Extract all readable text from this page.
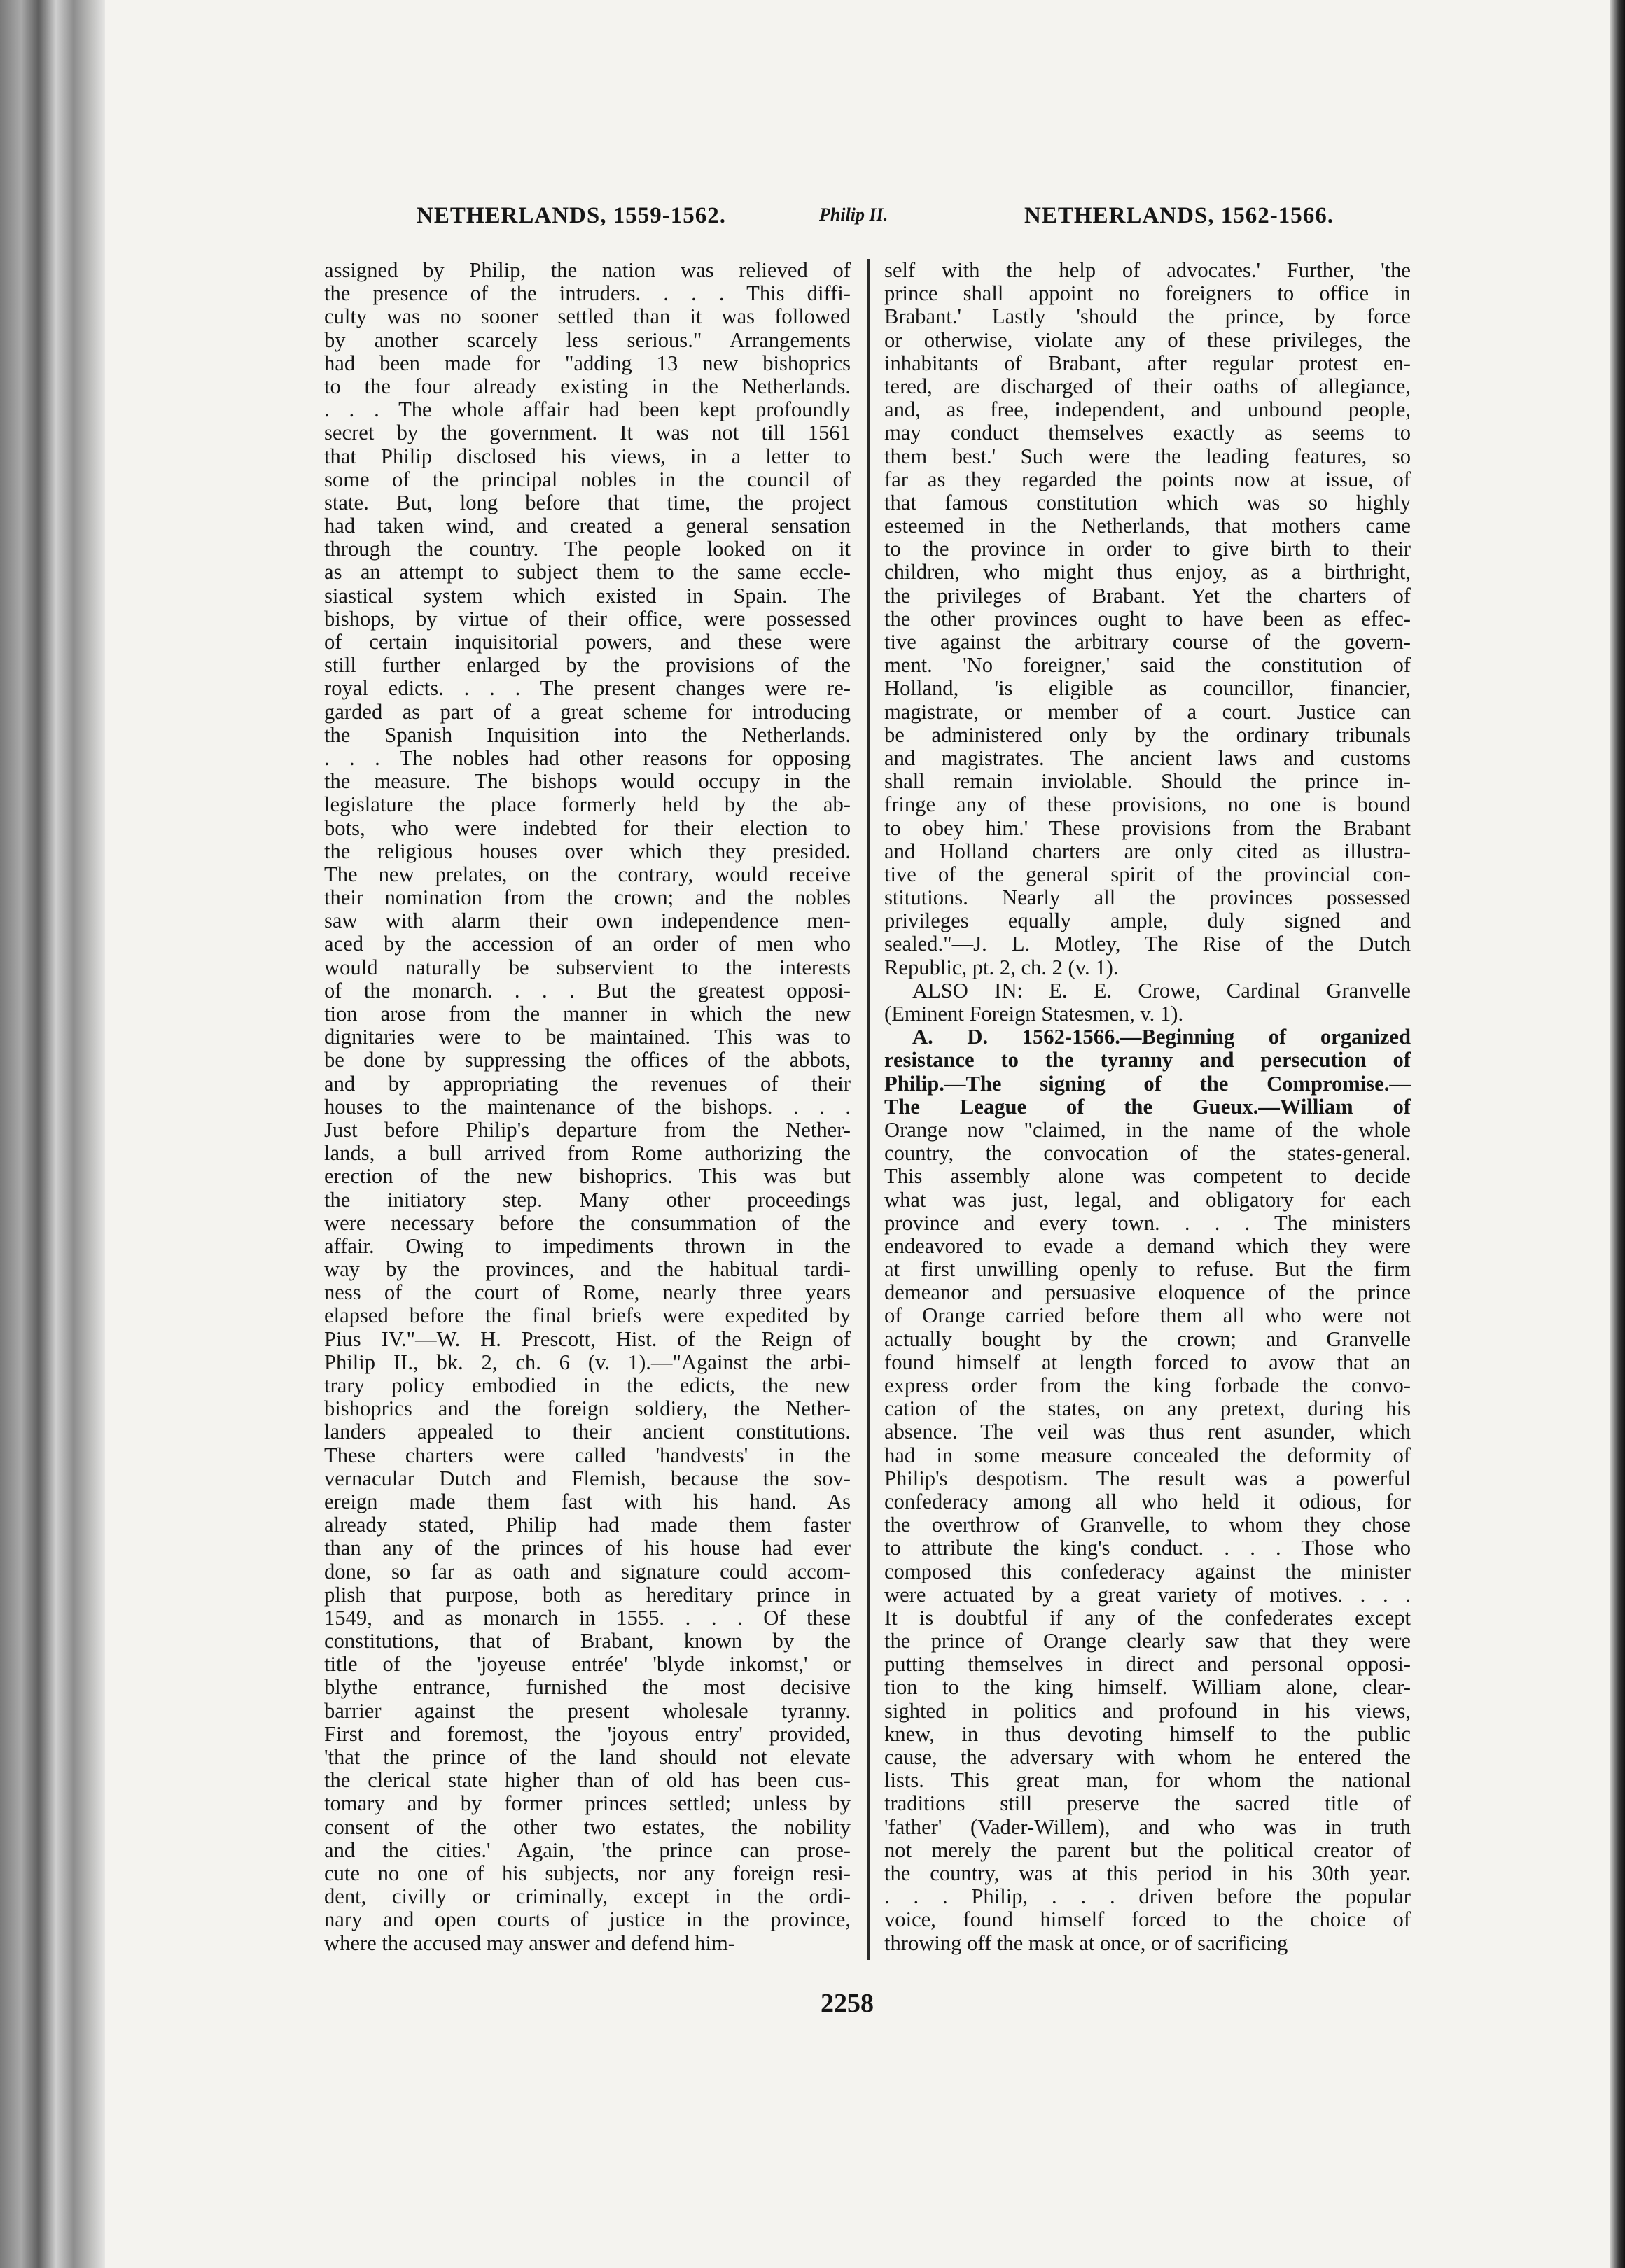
NETHERLANDS, 1559-1562.	Philip II.	NETHERLANDS, 1562-1566.
assigned by Philip, the nation was relieved of
the presence of the intruders. . . . This diffi-
culty was no sooner settled than it was followed
by another scarcely less serious." Arrangements
had been made for "adding 13 new bishoprics
to the four already existing in the Netherlands.
. . . The whole affair had been kept profoundly
secret by the government. It was not till 1561
that Philip disclosed his views, in a letter to
some of the principal nobles in the council of
state. But, long before that time, the project
had taken wind, and created a general sensation
through the country. The people looked on it
as an attempt to subject them to the same eccle-
siastical system which existed in Spain. The
bishops, by virtue of their office, were possessed
of certain inquisitorial powers, and these were
still further enlarged by the provisions of the
royal edicts. . . . The present changes were re-
garded as part of a great scheme for introducing
the Spanish Inquisition into the Netherlands.
. . . The nobles had other reasons for opposing
the measure. The bishops would occupy in the
legislature the place formerly held by the ab-
bots, who were indebted for their election to
the religious houses over which they presided.
The new prelates, on the contrary, would receive
their nomination from the crown; and the nobles
saw with alarm their own independence men-
aced by the accession of an order of men who
would naturally be subservient to the interests
of the monarch. . . . But the greatest opposi-
tion arose from the manner in which the new
dignitaries were to be maintained. This was to
be done by suppressing the offices of the abbots,
and by appropriating the revenues of their
houses to the maintenance of the bishops. . . .
Just before Philip's departure from the Nether-
lands, a bull arrived from Rome authorizing the
erection of the new bishoprics. This was but
the initiatory step. Many other proceedings
were necessary before the consummation of the
affair. Owing to impediments thrown in the
way by the provinces, and the habitual tardi-
ness of the court of Rome, nearly three years
elapsed before the final briefs were expedited by
Pius IV."—W. H. Prescott, Hist. of the Reign of
Philip II., bk. 2, ch. 6 (v. 1).—"Against the arbi-
trary policy embodied in the edicts, the new
bishoprics and the foreign soldiery, the Nether-
landers appealed to their ancient constitutions.
These charters were called 'handvests' in the
vernacular Dutch and Flemish, because the sov-
ereign made them fast with his hand. As
already stated, Philip had made them faster
than any of the princes of his house had ever
done, so far as oath and signature could accom-
plish that purpose, both as hereditary prince in
1549, and as monarch in 1555. . . . Of these
constitutions, that of Brabant, known by the
title of the 'joyeuse entrée' 'blyde inkomst,' or
blythe entrance, furnished the most decisive
barrier against the present wholesale tyranny.
First and foremost, the 'joyous entry' provided,
'that the prince of the land should not elevate
the clerical state higher than of old has been cus-
tomary and by former princes settled; unless by
consent of the other two estates, the nobility
and the cities.' Again, 'the prince can prose-
cute no one of his subjects, nor any foreign resi-
dent, civilly or criminally, except in the ordi-
nary and open courts of justice in the province,
where the accused may answer and defend him-
self with the help of advocates.' Further, 'the
prince shall appoint no foreigners to office in
Brabant.' Lastly 'should the prince, by force
or otherwise, violate any of these privileges, the
inhabitants of Brabant, after regular protest en-
tered, are discharged of their oaths of allegiance,
and, as free, independent, and unbound people,
may conduct themselves exactly as seems to
them best.' Such were the leading features, so
far as they regarded the points now at issue, of
that famous constitution which was so highly
esteemed in the Netherlands, that mothers came
to the province in order to give birth to their
children, who might thus enjoy, as a birthright,
the privileges of Brabant. Yet the charters of
the other provinces ought to have been as effec-
tive against the arbitrary course of the govern-
ment. 'No foreigner,' said the constitution of
Holland, 'is eligible as councillor, financier,
magistrate, or member of a court. Justice can
be administered only by the ordinary tribunals
and magistrates. The ancient laws and customs
shall remain inviolable. Should the prince in-
fringe any of these provisions, no one is bound
to obey him.' These provisions from the Brabant
and Holland charters are only cited as illustra-
tive of the general spirit of the provincial con-
stitutions. Nearly all the provinces possessed
privileges equally ample, duly signed and
sealed."—J. L. Motley, The Rise of the Dutch
Republic, pt. 2, ch. 2 (v. 1).
ALSO IN: E. E. Crowe, Cardinal Granvelle
(Eminent Foreign Statesmen, v. 1).
A. D. 1562-1566.—Beginning of organized
resistance to the tyranny and persecution of
Philip.—The signing of the Compromise.—
The League of the Gueux.—William of
Orange now "claimed, in the name of the whole
country, the convocation of the states-general.
This assembly alone was competent to decide
what was just, legal, and obligatory for each
province and every town. . . . The ministers
endeavored to evade a demand which they were
at first unwilling openly to refuse. But the firm
demeanor and persuasive eloquence of the prince
of Orange carried before them all who were not
actually bought by the crown; and Granvelle
found himself at length forced to avow that an
express order from the king forbade the convo-
cation of the states, on any pretext, during his
absence. The veil was thus rent asunder, which
had in some measure concealed the deformity of
Philip's despotism. The result was a powerful
confederacy among all who held it odious, for
the overthrow of Granvelle, to whom they chose
to attribute the king's conduct. . . . Those who
composed this confederacy against the minister
were actuated by a great variety of motives. . . .
It is doubtful if any of the confederates except
the prince of Orange clearly saw that they were
putting themselves in direct and personal opposi-
tion to the king himself. William alone, clear-
sighted in politics and profound in his views,
knew, in thus devoting himself to the public
cause, the adversary with whom he entered the
lists. This great man, for whom the national
traditions still preserve the sacred title of
'father' (Vader-Willem), and who was in truth
not merely the parent but the political creator of
the country, was at this period in his 30th year.
. . . Philip, . . . driven before the popular
voice, found himself forced to the choice of
throwing off the mask at once, or of sacrificing
2258
